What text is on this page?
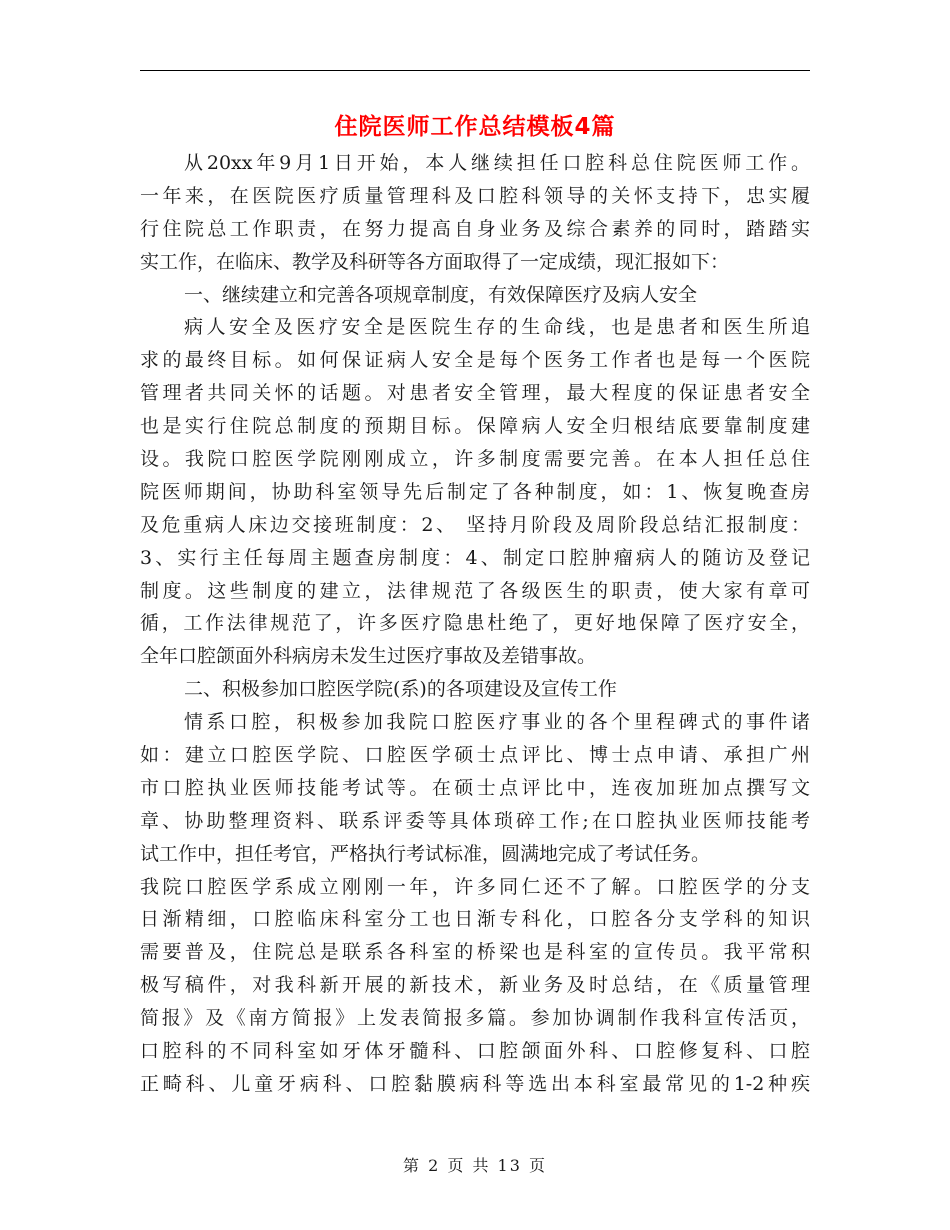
住院医师工作总结模板4篇
从20xx年9月1日开始，本人继续担任口腔科总住院医师工作。
一年来，在医院医疗质量管理科及口腔科领导的关怀支持下，忠实履
行住院总工作职责，在努力提高自身业务及综合素养的同时，踏踏实
实工作，在临床、教学及科研等各方面取得了一定成绩，现汇报如下：
一、继续建立和完善各项规章制度，有效保障医疗及病人安全
病人安全及医疗安全是医院生存的生命线，也是患者和医生所追
求的最终目标。如何保证病人安全是每个医务工作者也是每一个医院
管理者共同关怀的话题。对患者安全管理，最大程度的保证患者安全
也是实行住院总制度的预期目标。保障病人安全归根结底要靠制度建
设。我院口腔医学院刚刚成立，许多制度需要完善。在本人担任总住
院医师期间，协助科室领导先后制定了各种制度，如：1、恢复晚查房
及危重病人床边交接班制度：2、 坚持月阶段及周阶段总结汇报制度：
3、实行主任每周主题查房制度：4、制定口腔肿瘤病人的随访及登记
制度。这些制度的建立，法律规范了各级医生的职责，使大家有章可
循，工作法律规范了，许多医疗隐患杜绝了，更好地保障了医疗安全，
全年口腔颌面外科病房未发生过医疗事故及差错事故。
二、积极参加口腔医学院(系)的各项建设及宣传工作
情系口腔，积极参加我院口腔医疗事业的各个里程碑式的事件诸
如：建立口腔医学院、口腔医学硕士点评比、博士点申请、承担广州
市口腔执业医师技能考试等。在硕士点评比中，连夜加班加点撰写文
章、协助整理资料、联系评委等具体琐碎工作;在口腔执业医师技能考
试工作中，担任考官，严格执行考试标准，圆满地完成了考试任务。
我院口腔医学系成立刚刚一年，许多同仁还不了解。口腔医学的分支
日渐精细，口腔临床科室分工也日渐专科化，口腔各分支学科的知识
需要普及，住院总是联系各科室的桥梁也是科室的宣传员。我平常积
极写稿件，对我科新开展的新技术，新业务及时总结，在《质量管理
简报》及《南方简报》上发表简报多篇。参加协调制作我科宣传活页，
口腔科的不同科室如牙体牙髓科、口腔颌面外科、口腔修复科、口腔
正畸科、儿童牙病科、口腔黏膜病科等选出本科室最常见的1-2种疾
第 2 页 共 13 页
